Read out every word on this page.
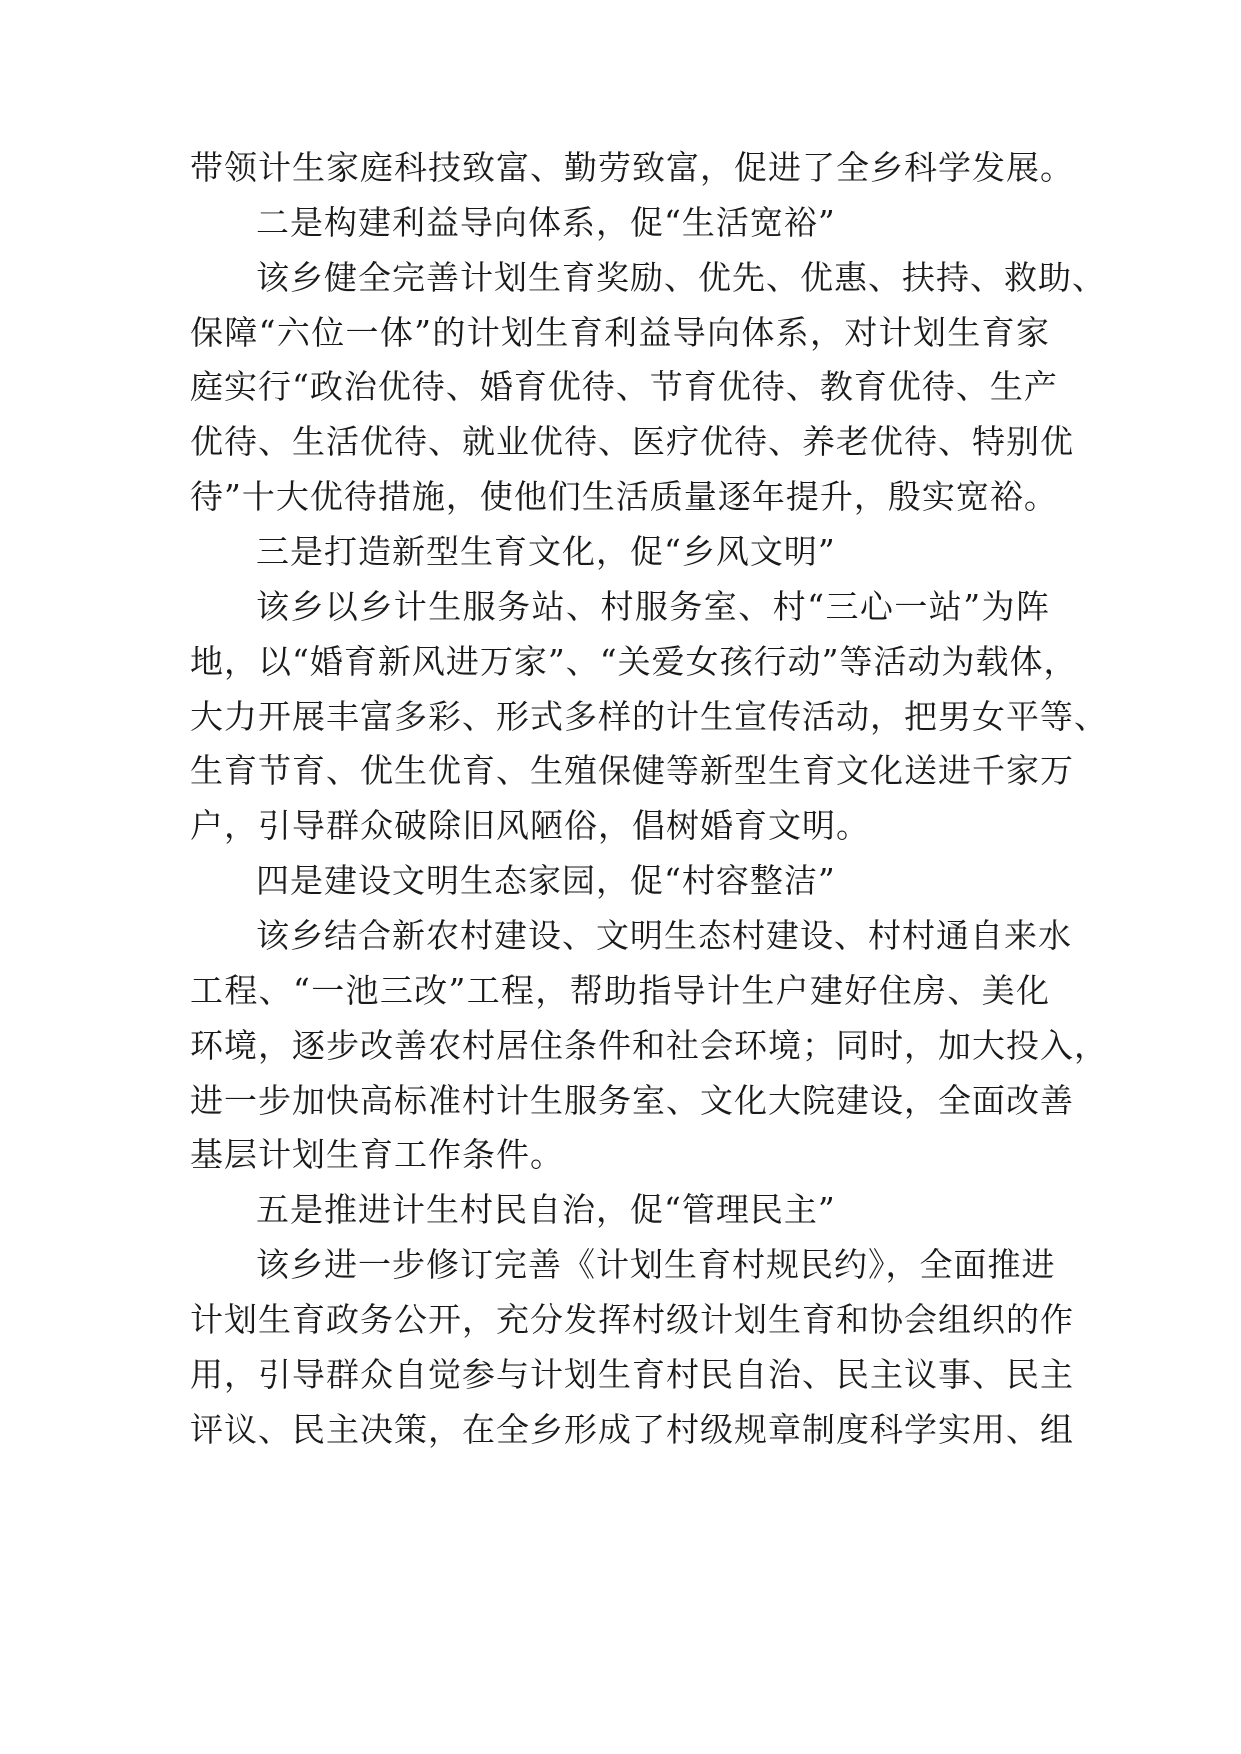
带领计生家庭科技致富、勤劳致富，促进了全乡科学发展。
二是构建利益导向体系，促“生活宽裕”
该乡健全完善计划生育奖励、优先、优惠、扶持、救助、
保障“六位一体”的计划生育利益导向体系，对计划生育家
庭实行“政治优待、婚育优待、节育优待、教育优待、生产
优待、生活优待、就业优待、医疗优待、养老优待、特别优
待”十大优待措施，使他们生活质量逐年提升，殷实宽裕。
三是打造新型生育文化，促“乡风文明”
该乡以乡计生服务站、村服务室、村“三心一站”为阵
地，以“婚育新风进万家”、“关爱女孩行动”等活动为载体，
大力开展丰富多彩、形式多样的计生宣传活动，把男女平等、
生育节育、优生优育、生殖保健等新型生育文化送进千家万
户，引导群众破除旧风陋俗，倡树婚育文明。
四是建设文明生态家园，促“村容整洁”
该乡结合新农村建设、文明生态村建设、村村通自来水
工程、“一池三改”工程，帮助指导计生户建好住房、美化
环境，逐步改善农村居住条件和社会环境；同时，加大投入，
进一步加快高标准村计生服务室、文化大院建设，全面改善
基层计划生育工作条件。
五是推进计生村民自治，促“管理民主”
该乡进一步修订完善《计划生育村规民约》，全面推进
计划生育政务公开，充分发挥村级计划生育和协会组织的作
用，引导群众自觉参与计划生育村民自治、民主议事、民主
评议、民主决策，在全乡形成了村级规章制度科学实用、组
